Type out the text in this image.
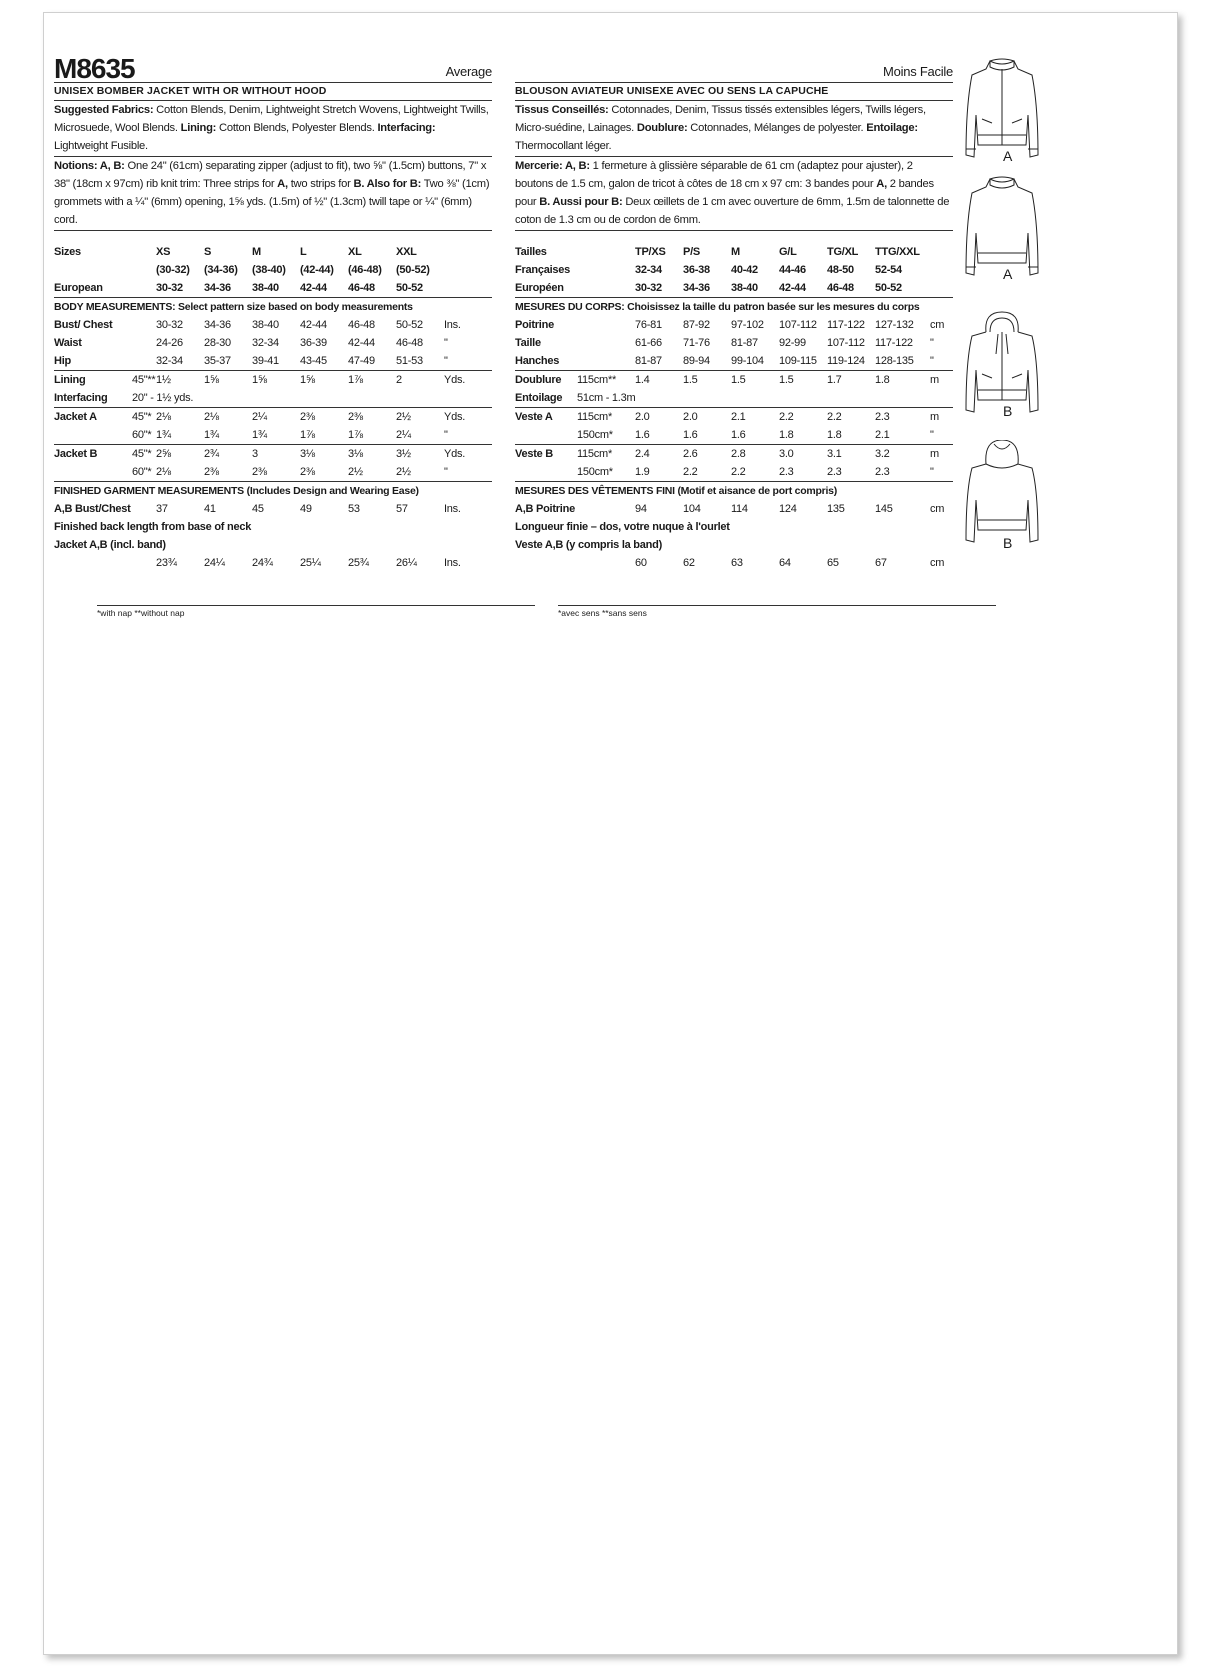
M8635	Average
UNISEX BOMBER JACKET WITH OR WITHOUT HOOD

Suggested Fabrics: Cotton Blends, Denim, Lightweight Stretch Wovens, Lightweight Twills, Microsuede, Wool Blends. Lining: Cotton Blends, Polyester Blends. Interfacing: Lightweight Fusible.

Notions: A, B: One 24" (61cm) separating zipper (adjust to fit), two ⅝" (1.5cm) buttons, 7" x 38" (18cm x 97cm) rib knit trim: Three strips for A, two strips for B. Also for B: Two ⅜" (1cm) grommets with a ¼" (6mm) opening, 1⅝ yds. (1.5m) of ½" (1.3cm) twill tape or ¼" (6mm) cord.

Sizes		XS	S	M	L	XL	XXL	
		(30-32)	(34-36)	(38-40)	(42-44)	(46-48)	(50-52)	
European		30-32	34-36	38-40	42-44	46-48	50-52	
BODY MEASUREMENTS: Select pattern size based on body measurements								
Bust/ Chest		30-32	34-36	38-40	42-44	46-48	50-52	Ins.
Waist		24-26	28-30	32-34	36-39	42-44	46-48	"
Hip		32-34	35-37	39-41	43-45	47-49	51-53	"
Lining	45"**	1½	1⅝	1⅝	1⅝	1⅞	2	Yds.
Interfacing	20" - 1½ yds.							
Jacket A	45"*	2⅛	2⅛	2¼	2⅜	2⅜	2½	Yds.
	60"*	1¾	1¾	1¾	1⅞	1⅞	2¼	"
Jacket B	45"*	2⅝	2¾	3	3⅛	3⅛	3½	Yds.
	60"*	2⅛	2⅜	2⅜	2⅜	2½	2½	"
FINISHED GARMENT MEASUREMENTS (Includes Design and Wearing Ease)								
A,B Bust/Chest		37	41	45	49	53	57	Ins.
Finished back length from base of neck								
Jacket A,B (incl. band)								
		23¾	24¼	24¾	25¼	25¾	26¼	Ins.
Moins Facile
BLOUSON AVIATEUR UNISEXE AVEC OU SENS LA CAPUCHE

Tissus Conseillés: Cotonnades, Denim, Tissus tissés extensibles légers, Twills légers, Micro-suédine, Lainages. Doublure: Cotonnades, Mélanges de polyester. Entoilage: Thermocollant léger.

Mercerie: A, B: 1 fermeture à glissière séparable de 61 cm (adaptez pour ajuster), 2 boutons de 1.5 cm, galon de tricot à côtes de 18 cm x 97 cm: 3 bandes pour A, 2 bandes pour B. Aussi pour B: Deux œillets de 1 cm avec ouverture de 6mm, 1.5m de talonnette de coton de 1.3 cm ou de cordon de 6mm.

Tailles		TP/XS	P/S	M	G/L	TG/XL	TTG/XXL	
Françaises		32-34	36-38	40-42	44-46	48-50	52-54	
Européen		30-32	34-36	38-40	42-44	46-48	50-52	
MESURES DU CORPS: Choisissez la taille du patron basée sur les mesures du corps								
Poitrine		76-81	87-92	97-102	107-112	117-122	127-132	cm
Taille		61-66	71-76	81-87	92-99	107-112	117-122	"
Hanches		81-87	89-94	99-104	109-115	119-124	128-135	"
Doublure	115cm**	1.4	1.5	1.5	1.5	1.7	1.8	m
Entoilage	51cm - 1.3m							
Veste A	115cm*	2.0	2.0	2.1	2.2	2.2	2.3	m
	150cm*	1.6	1.6	1.6	1.8	1.8	2.1	"
Veste B	115cm*	2.4	2.6	2.8	3.0	3.1	3.2	m
	150cm*	1.9	2.2	2.2	2.3	2.3	2.3	"
MESURES DES VÊTEMENTS FINI (Motif et aisance de port compris)								
A,B Poitrine		94	104	114	124	135	145	cm
Longueur finie – dos, votre nuque à l'ourlet								
Veste A,B (y compris la band)								
		60	62	63	64	65	67	cm
*with nap **without nap	*avec sens **sans sens
A
A
B
B
